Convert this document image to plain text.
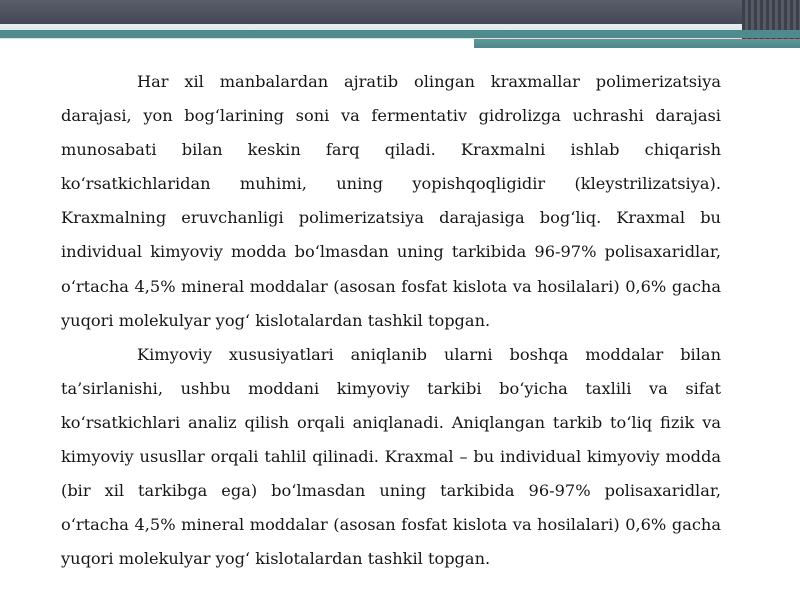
Har xil manbalardan ajratib olingan kraxmallar polimerizatsiya darajasi, yon bog‘larining soni va fermentativ gidrolizga uchrashi darajasi munosabati bilan keskin farq qiladi. Kraxmalni ishlab chiqarish ko‘rsatkichlaridan muhimi, uning yopishqoqligidir (kleystrilizatsiya). Kraxmalning eruvchanligi polimerizatsiya darajasiga bog‘liq. Kraxmal bu individual kimyoviy modda bo‘lmasdan uning tarkibida 96-97% polisaxaridlar, o‘rtacha 4,5% mineral moddalar (asosan fosfat kislota va hosilalari) 0,6% gacha yuqori molekulyar yog‘ kislotalardan tashkil topgan.

Kimyoviy xususiyatlari aniqlanib ularni boshqa moddalar bilan ta’sirlanishi, ushbu moddani kimyoviy tarkibi bo‘yicha taxlili va sifat ko‘rsatkichlari analiz qilish orqali aniqlanadi. Aniqlangan tarkib to‘liq fizik va kimyoviy ususllar orqali tahlil qilinadi. Kraxmal – bu individual kimyoviy modda (bir xil tarkibga ega) bo‘lmasdan uning tarkibida 96-97% polisaxaridlar, o‘rtacha 4,5% mineral moddalar (asosan fosfat kislota va hosilalari) 0,6% gacha yuqori molekulyar yog‘ kislotalardan tashkil topgan.
